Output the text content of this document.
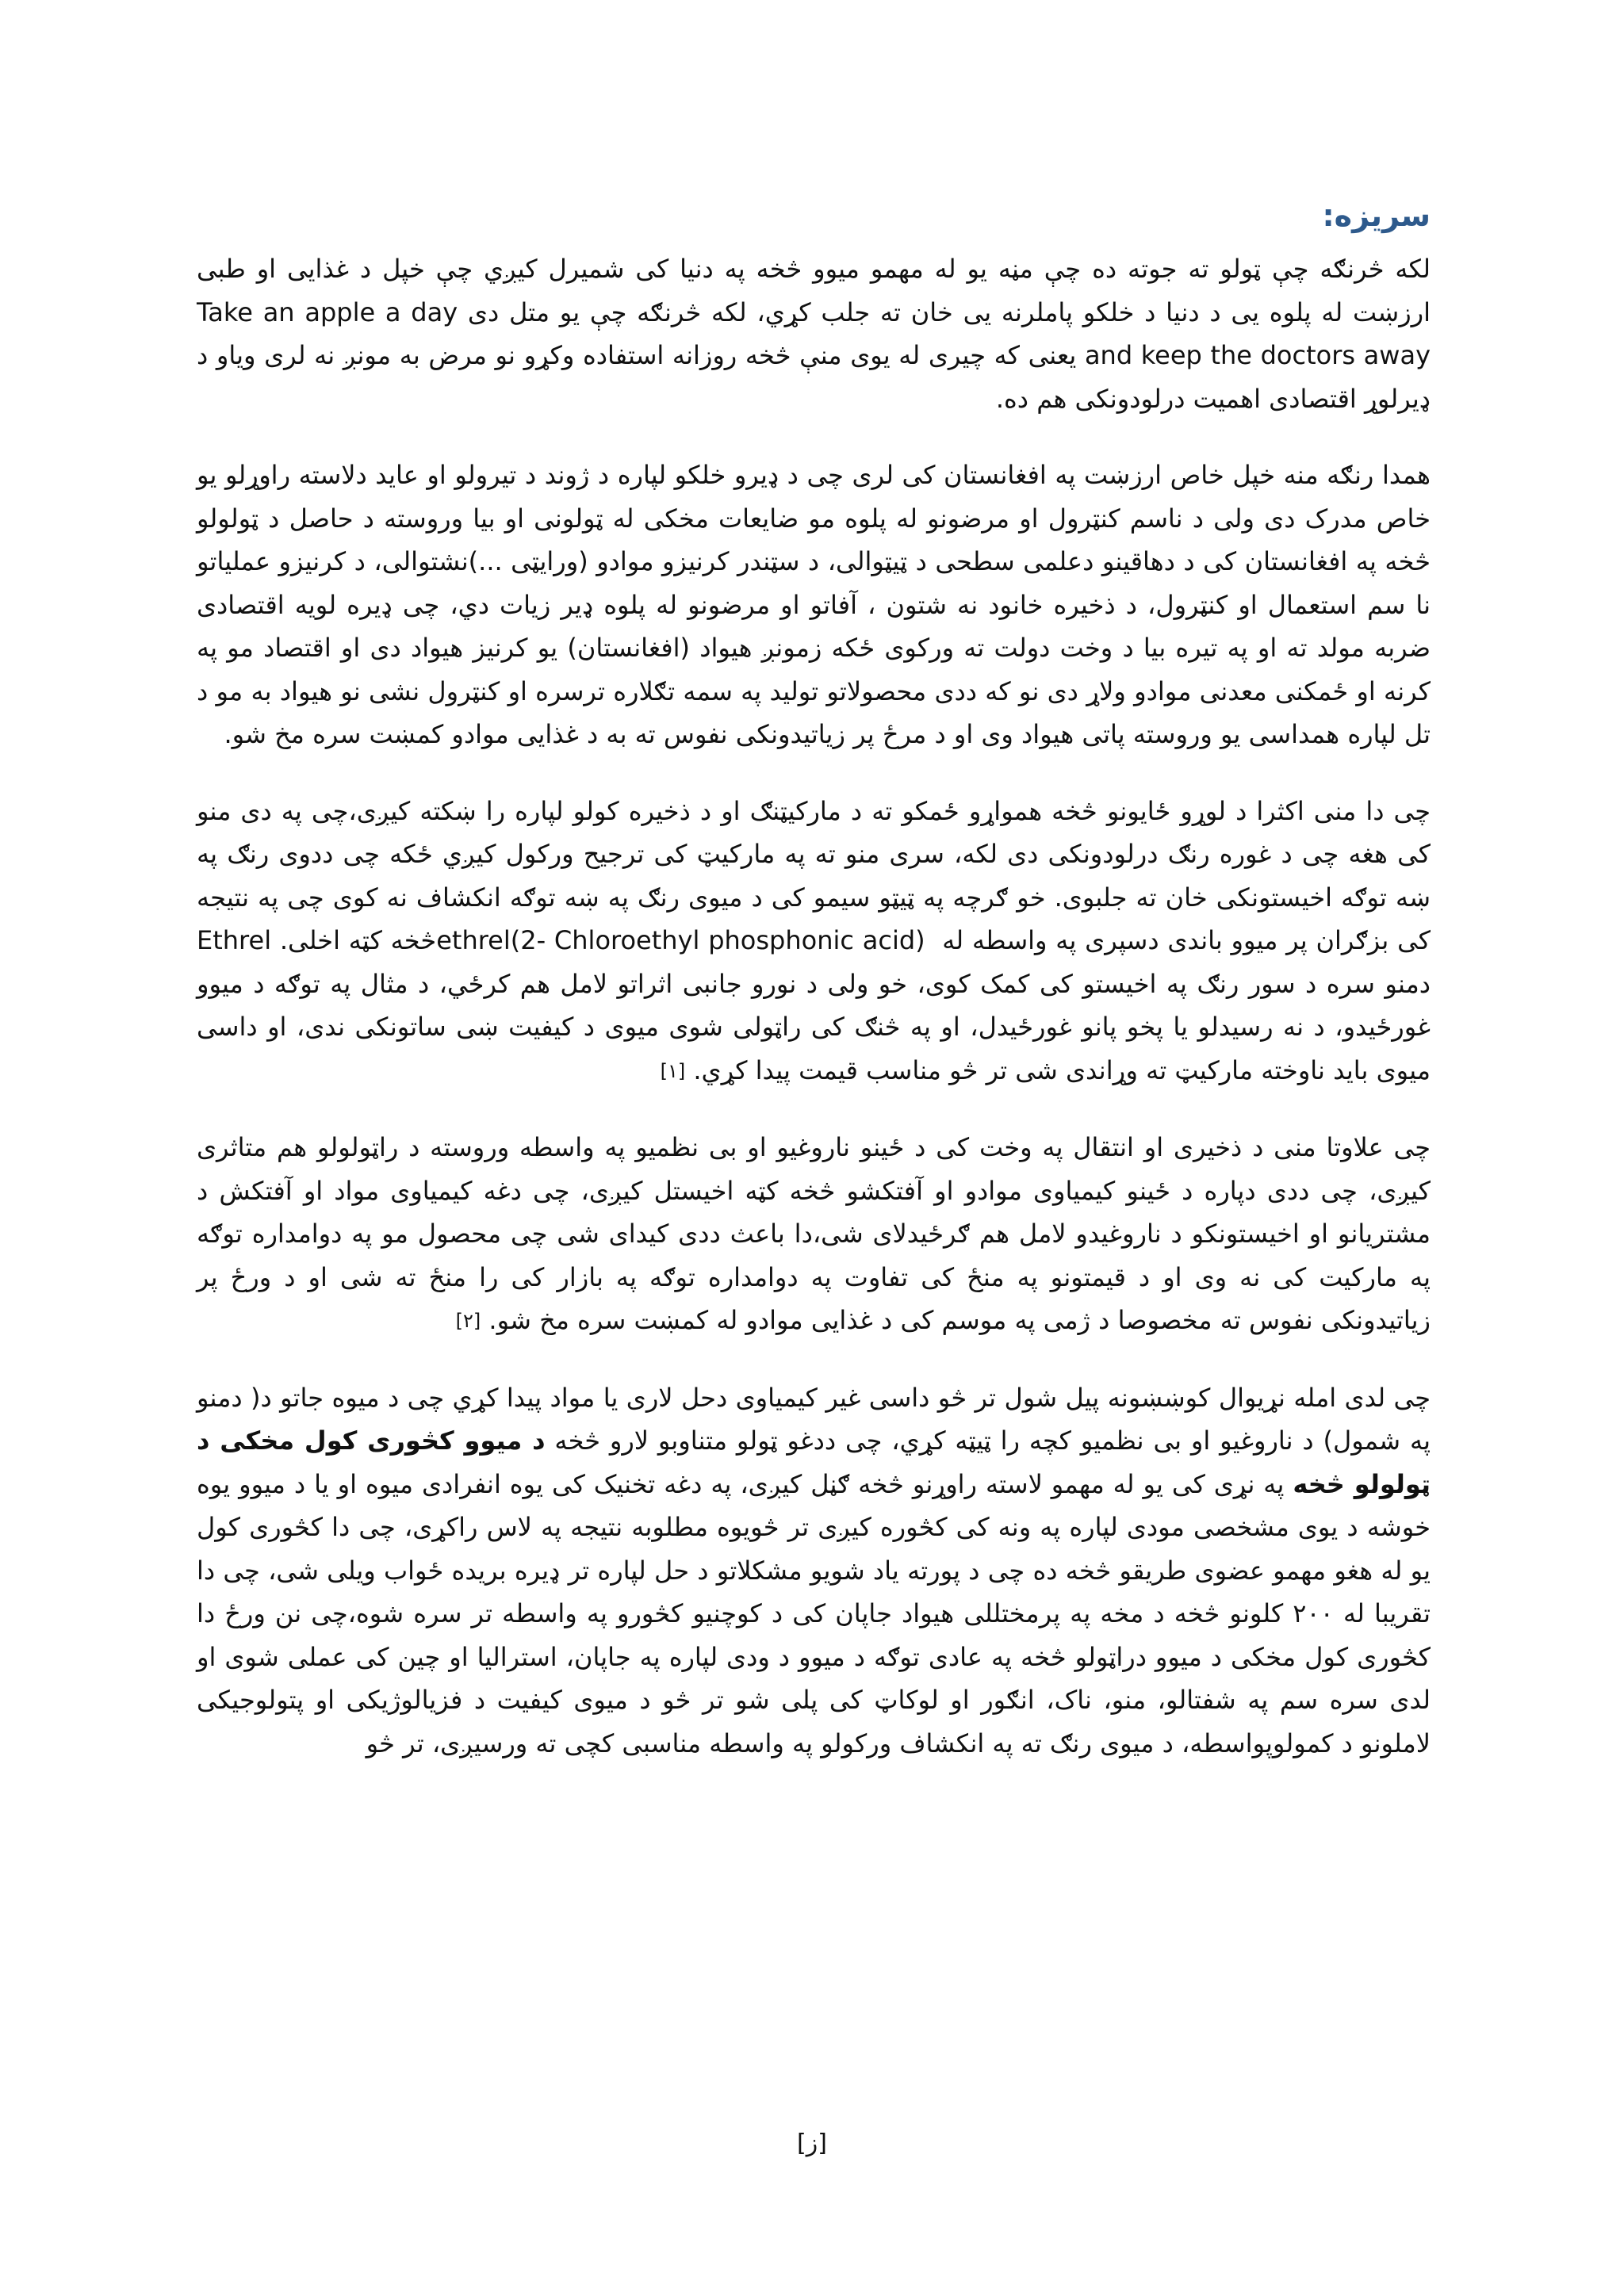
سریزه:

لکه څرنګه چې ټولو ته جوته ده چې مڼه یو له مهمو میوو څخه په دنیا کی شمیرل کیږي چې خپل د غذایی او طبی ارزښت له پلوه یی د دنیا د خلکو پاملرنه یی خان ته جلب کړي، لکه څرنګه چې یو متل دی Take an apple a day and keep the doctors away یعنی که چیری له یوی منې څخه روزانه استفاده وکړو نو مرض به مونږ نه لری ویاو د ډیرلوړ اقتصادی اهمیت درلودونکی هم ده.

همدا رنګه منه خپل خاص ارزښت په افغانستان کی لری چی د ډیرو خلکو لپاره د ژوند د تیرولو او عاید دلاسته راوړلو یو خاص مدرک دی ولی د ناسم کنټرول او مرضونو له پلوه مو ضایعات مخکی له ټولونی او بیا وروسته د حاصل د ټولولو څخه په افغانستان کی د دهاقینو دعلمی سطحی د ټیټوالی، د سټندر کرنیزو موادو (ورایټی ...)نشتوالی، د کرنیزو عملیاتو نا سم استعمال او کنټرول، د ذخیره خانود نه شتون ، آفاتو او مرضونو له پلوه ډیر زیات دي، چی ډیره لویه اقتصادی ضربه مولد ته او په تیره بیا د وخت دولت ته ورکوی ځکه زمونږ هیواد (افغانستان) یو کرنیز هیواد دی او اقتصاد مو په کرنه او ځمکنی معدنی موادو ولاړ دی نو که ددی محصولاتو تولید په سمه تګلاره ترسره او کنټرول نشی نو هیواد به مو د تل لپاره همداسی یو وروسته پاتی هیواد وی او د مرځ پر زیاتیدونکی نفوس ته به د غذایی موادو کمښت سره مخ شو.

چی دا منی اکثرا د لوړو ځایونو څخه همواړو ځمکو ته د مارکیټنګ او د ذخیره کولو لپاره را ښکته کیږی،چی په دی منو کی هغه چی د غوره رنګ درلودونکی دی لکه، سری منو ته په مارکیټ کی ترجیح ورکول کیږي ځکه چی ددوی رنګ په ښه توګه اخیستونکی خان ته جلبوی. خو ګرچه په ټیټو سیمو کی د میوی رنګ په ښه توګه انکشاف نه کوی چی په نتیجه کی بزګران پر میوو باندی دسپری په واسطه له ethrel(2- Chloroethyl phosphonic acid) څخه کټه اخلی. Ethrel دمنو سره د سور رنګ په اخیستو کی کمک کوی، خو ولی د نورو جانبی اثراتو لامل هم کرځي، د مثال په توګه د میوو غورځیدو، د نه رسیدلو یا پخو پانو غورځیدل، او په څنګ کی راټولی شوی میوی د کیفیت ښی ساتونکی ندی، او داسی میوی باید ناوخته مارکیټ ته وړاندی شی تر څو مناسب قیمت پیدا کړي. [۱]

چی علاوتا منی د ذخیری او انتقال په وخت کی د ځینو ناروغیو او بی نظمیو په واسطه وروسته د راټولولو هم متاثری کیږی، چی ددی دپاره د ځینو کیمیاوی موادو او آفتکشو څخه کټه اخیستل کیږی، چی دغه کیمیاوی مواد او آفتکش د مشتریانو او اخیستونکو د ناروغیدو لامل هم ګرځیدلای شی،دا باعث ددی کیدای شی چی محصول مو په دوامداره توګه په مارکیت کی نه وی او د قیمتونو په منځ کی تفاوت په دوامداره توګه په بازار کی را منځ ته شی او د ورځ پر زیاتیدونکی نفوس ته مخصوصا د ژمی په موسم کی د غذایی موادو له کمښت سره مخ شو. [۲]

چی لدی امله نړیوال کوښښونه پیل شول تر څو داسی غیر کیمیاوی دحل لاری یا مواد پیدا کړي چی د میوه جاتو د( دمنو په شمول) د ناروغیو او بی نظمیو کچه را ټیټه کړي، چی ددغو ټولو متناوبو لارو څخه د میوو کڅوری کول مخکی د ټولولو څخه په نړی کی یو له مهمو لاسته راوړنو څخه ګڼل کیږی، په دغه تخنیک کی یوه انفرادی میوه او یا د میوو یوه خوشه د یوی مشخصی مودی لپاره په ونه کی کڅوره کیږی تر څویوه مطلوبه نتیجه په لاس راکړی، چی دا کڅوری کول یو له هغو مهمو عضوی طریقو څخه ده چی د پورته یاد شویو مشکلاتو د حل لپاره تر ډیره بریده ځواب ویلی شی، چی دا تقریبا له ۲۰۰ کلونو څخه د مخه په پرمختللی هیواد جاپان کی د کوچنیو کڅورو په واسطه تر سره شوه،چی نن ورځ دا کڅوری کول مخکی د میوو دراټولو څخه په عادی توګه د میوو د ودی لپاره په جاپان، استرالیا او چین کی عملی شوی او لدی سره سم په شفتالو، منو، ناک، انګور او لوکاټ کی پلی شو تر څو د میوی کیفیت د فزیالوژیکی او پتولوجیکی لاملونو د کمولوپواسطه، د میوی رنګ ته په انکشاف ورکولو په واسطه مناسبی کچی ته ورسیږی، تر څو

[ز]
